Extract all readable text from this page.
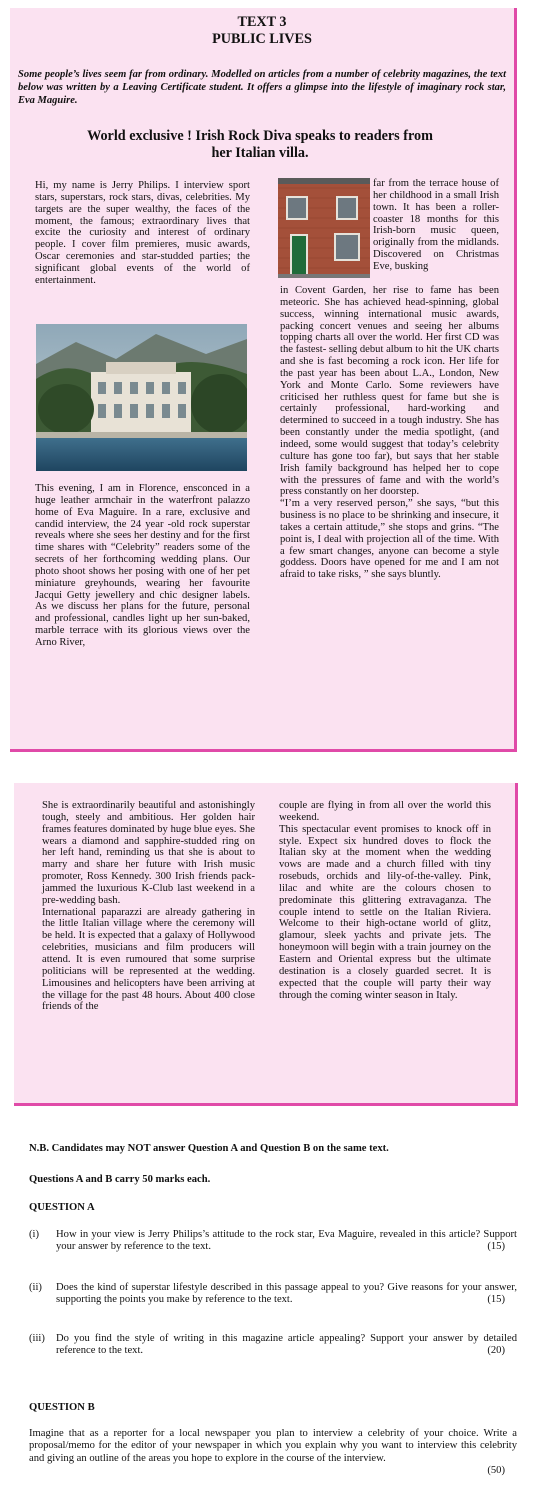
TEXT 3
PUBLIC LIVES
Some people’s lives seem far from ordinary. Modelled on articles from a number of celebrity magazines, the text below was written by a Leaving Certificate student. It offers a glimpse into the lifestyle of imaginary rock star, Eva Maguire.
World exclusive ! Irish Rock Diva speaks to readers from
her Italian villa.

Hi, my name is Jerry Philips. I interview sport stars, superstars, rock stars, divas, celebrities. My targets are the super wealthy, the faces of the moment, the famous; extraordinary lives that excite the curiosity and interest of ordinary people. I cover film premieres, music awards, Oscar ceremonies and star-studded parties; the significant global events of the world of entertainment.

This evening, I am in Florence, ensconced in a huge leather armchair in the waterfront palazzo home of Eva Maguire. In a rare, exclusive and candid interview, the 24 year -old rock superstar reveals where she sees her destiny and for the first time shares with “Celebrity” readers some of the secrets of her forthcoming wedding plans. Our photo shoot shows her posing with one of her pet miniature greyhounds, wearing her favourite Jacqui Getty jewellery and chic designer labels. As we discuss her plans for the future, personal and professional, candles light up her sun-baked, marble terrace with its glorious views over the Arno River,

far from the terrace house of her childhood in a small Irish town. It has been a roller-coaster 18 months for this Irish-born music queen, originally from the midlands. Discovered on Christmas Eve, busking

in Covent Garden, her rise to fame has been meteoric. She has achieved head-spinning, global success, winning international music awards, packing concert venues and seeing her albums topping charts all over the world. Her first CD was the fastest- selling debut album to hit the UK charts and she is fast becoming a rock icon. Her life for the past year has been about L.A., London, New York and Monte Carlo. Some reviewers have criticised her ruthless quest for fame but she is certainly professional, hard-working and determined to succeed in a tough industry. She has been constantly under the media spotlight, (and indeed, some would suggest that today’s celebrity culture has gone too far), but says that her stable Irish family background has helped her to cope with the pressures of fame and with the world’s press constantly on her doorstep.

“I’m a very reserved person,” she says, “but this business is no place to be shrinking and insecure, it takes a certain attitude,” she stops and grins. “The point is, I deal with projection all of the time. With a few smart changes, anyone can become a style goddess. Doors have opened for me and I am not afraid to take risks, ” she says bluntly.

She is extraordinarily beautiful and astonishingly tough, steely and ambitious. Her golden hair frames features dominated by huge blue eyes. She wears a diamond and sapphire-studded ring on her left hand, reminding us that she is about to marry and share her future with Irish music promoter, Ross Kennedy. 300 Irish friends pack-jammed the luxurious K-Club last weekend in a pre-wedding bash.

International paparazzi are already gathering in the little Italian village where the ceremony will be held. It is expected that a galaxy of Hollywood celebrities, musicians and film producers will attend. It is even rumoured that some surprise politicians will be represented at the wedding. Limousines and helicopters have been arriving at the village for the past 48 hours. About 400 close friends of the

couple are flying in from all over the world this weekend.

This spectacular event promises to knock off in style. Expect six hundred doves to flock the Italian sky at the moment when the wedding vows are made and a church filled with tiny rosebuds, orchids and lily-of-the-valley. Pink, lilac and white are the colours chosen to predominate this glittering extravaganza. The couple intend to settle on the Italian Riviera. Welcome to their high-octane world of glitz, glamour, sleek yachts and private jets. The honeymoon will begin with a train journey on the Eastern and Oriental express but the ultimate destination is a closely guarded secret. It is expected that the couple will party their way through the coming winter season in Italy.

N.B. Candidates may NOT answer Question A and Question B on the same text.
Questions A and B carry 50 marks each.
QUESTION A
(i) How in your view is Jerry Philips’s attitude to the rock star, Eva Maguire, revealed in this article? Support your answer by reference to the text.	(15)
(ii) Does the kind of superstar lifestyle described in this passage appeal to you? Give reasons for your answer, supporting the points you make by reference to the text.	(15)
(iii) Do you find the style of writing in this magazine article appealing? Support your answer by detailed reference to the text.	(20)
QUESTION B
Imagine that as a reporter for a local newspaper you plan to interview a celebrity of your choice. Write a proposal/memo for the editor of your newspaper in which you explain why you want to interview this celebrity and giving an outline of the areas you hope to explore in the course of the interview.
(50)
